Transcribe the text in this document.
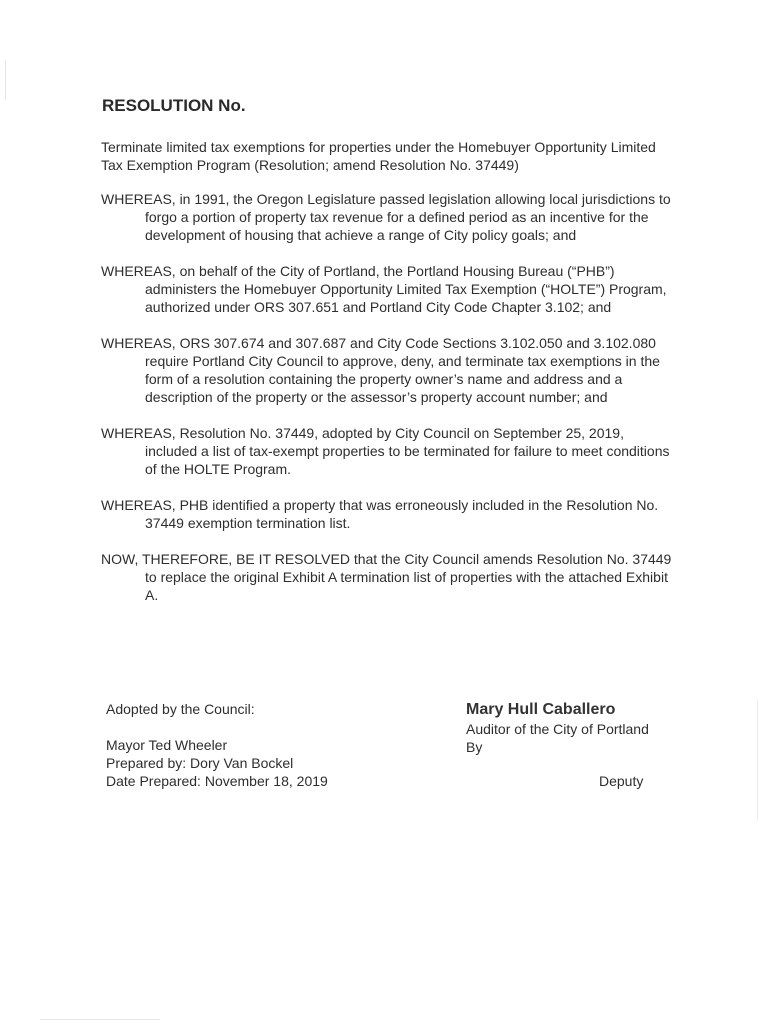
RESOLUTION No.
Terminate limited tax exemptions for properties under the Homebuyer Opportunity Limited Tax Exemption Program (Resolution; amend Resolution No. 37449)

WHEREAS, in 1991, the Oregon Legislature passed legislation allowing local jurisdictions to forgo a portion of property tax revenue for a defined period as an incentive for the development of housing that achieve a range of City policy goals; and

WHEREAS, on behalf of the City of Portland, the Portland Housing Bureau (“PHB”) administers the Homebuyer Opportunity Limited Tax Exemption (“HOLTE”) Program, authorized under ORS 307.651 and Portland City Code Chapter 3.102; and

WHEREAS, ORS 307.674 and 307.687 and City Code Sections 3.102.050 and 3.102.080 require Portland City Council to approve, deny, and terminate tax exemptions in the form of a resolution containing the property owner’s name and address and a description of the property or the assessor’s property account number; and

WHEREAS, Resolution No. 37449, adopted by City Council on September 25, 2019, included a list of tax-exempt properties to be terminated for failure to meet conditions of the HOLTE Program.

WHEREAS, PHB identified a property that was erroneously included in the Resolution No. 37449 exemption termination list.

NOW, THEREFORE, BE IT RESOLVED that the City Council amends Resolution No. 37449 to replace the original Exhibit A termination list of properties with the attached Exhibit A.

Adopted by the Council:
Mayor Ted Wheeler
Prepared by: Dory Van Bockel
Date Prepared: November 18, 2019
Mary Hull Caballero
Auditor of the City of Portland
By
Deputy
